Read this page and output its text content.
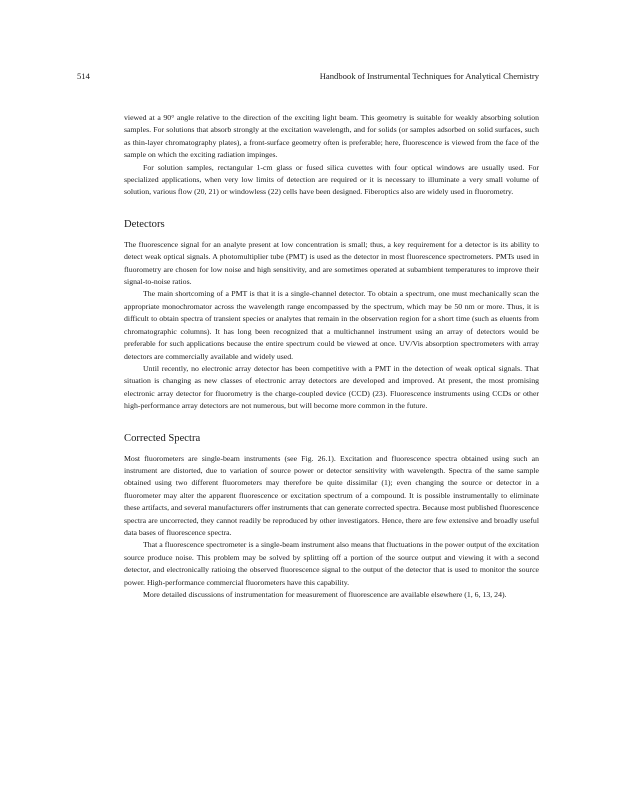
514	Handbook of Instrumental Techniques for Analytical Chemistry

viewed at a 90° angle relative to the direction of the exciting light beam. This geometry is suitable for weakly absorbing solution samples. For solutions that absorb strongly at the excitation wavelength, and for solids (or samples adsorbed on solid surfaces, such as thin-layer chromatography plates), a front-surface geometry often is preferable; here, fluorescence is viewed from the face of the sample on which the exciting radiation impinges.

For solution samples, rectangular 1-cm glass or fused silica cuvettes with four optical windows are usually used. For specialized applications, when very low limits of detection are required or it is necessary to illuminate a very small volume of solution, various flow (20, 21) or windowless (22) cells have been designed. Fiberoptics also are widely used in fluorometry.

Detectors

The fluorescence signal for an analyte present at low concentration is small; thus, a key requirement for a detector is its ability to detect weak optical signals. A photomultiplier tube (PMT) is used as the detector in most fluorescence spectrometers. PMTs used in fluorometry are chosen for low noise and high sensitivity, and are sometimes operated at subambient temperatures to improve their signal-to-noise ratios.

The main shortcoming of a PMT is that it is a single-channel detector. To obtain a spectrum, one must mechanically scan the appropriate monochromator across the wavelength range encompassed by the spectrum, which may be 50 nm or more. Thus, it is difficult to obtain spectra of transient species or analytes that remain in the observation region for a short time (such as eluents from chromatographic columns). It has long been recognized that a multichannel instrument using an array of detectors would be preferable for such applications because the entire spectrum could be viewed at once. UV/Vis absorption spectrometers with array detectors are commercially available and widely used.

Until recently, no electronic array detector has been competitive with a PMT in the detection of weak optical signals. That situation is changing as new classes of electronic array detectors are developed and improved. At present, the most promising electronic array detector for fluorometry is the charge-coupled device (CCD) (23). Fluorescence instruments using CCDs or other high-performance array detectors are not numerous, but will become more common in the future.

Corrected Spectra

Most fluorometers are single-beam instruments (see Fig. 26.1). Excitation and fluorescence spectra obtained using such an instrument are distorted, due to variation of source power or detector sensitivity with wavelength. Spectra of the same sample obtained using two different fluorometers may therefore be quite dissimilar (1); even changing the source or detector in a fluorometer may alter the apparent fluorescence or excitation spectrum of a compound. It is possible instrumentally to eliminate these artifacts, and several manufacturers offer instruments that can generate corrected spectra. Because most published fluorescence spectra are uncorrected, they cannot readily be reproduced by other investigators. Hence, there are few extensive and broadly useful data bases of fluorescence spectra.

That a fluorescence spectrometer is a single-beam instrument also means that fluctuations in the power output of the excitation source produce noise. This problem may be solved by splitting off a portion of the source output and viewing it with a second detector, and electronically ratioing the observed fluorescence signal to the output of the detector that is used to monitor the source power. High-performance commercial fluorometers have this capability.

More detailed discussions of instrumentation for measurement of fluorescence are available elsewhere (1, 6, 13, 24).
